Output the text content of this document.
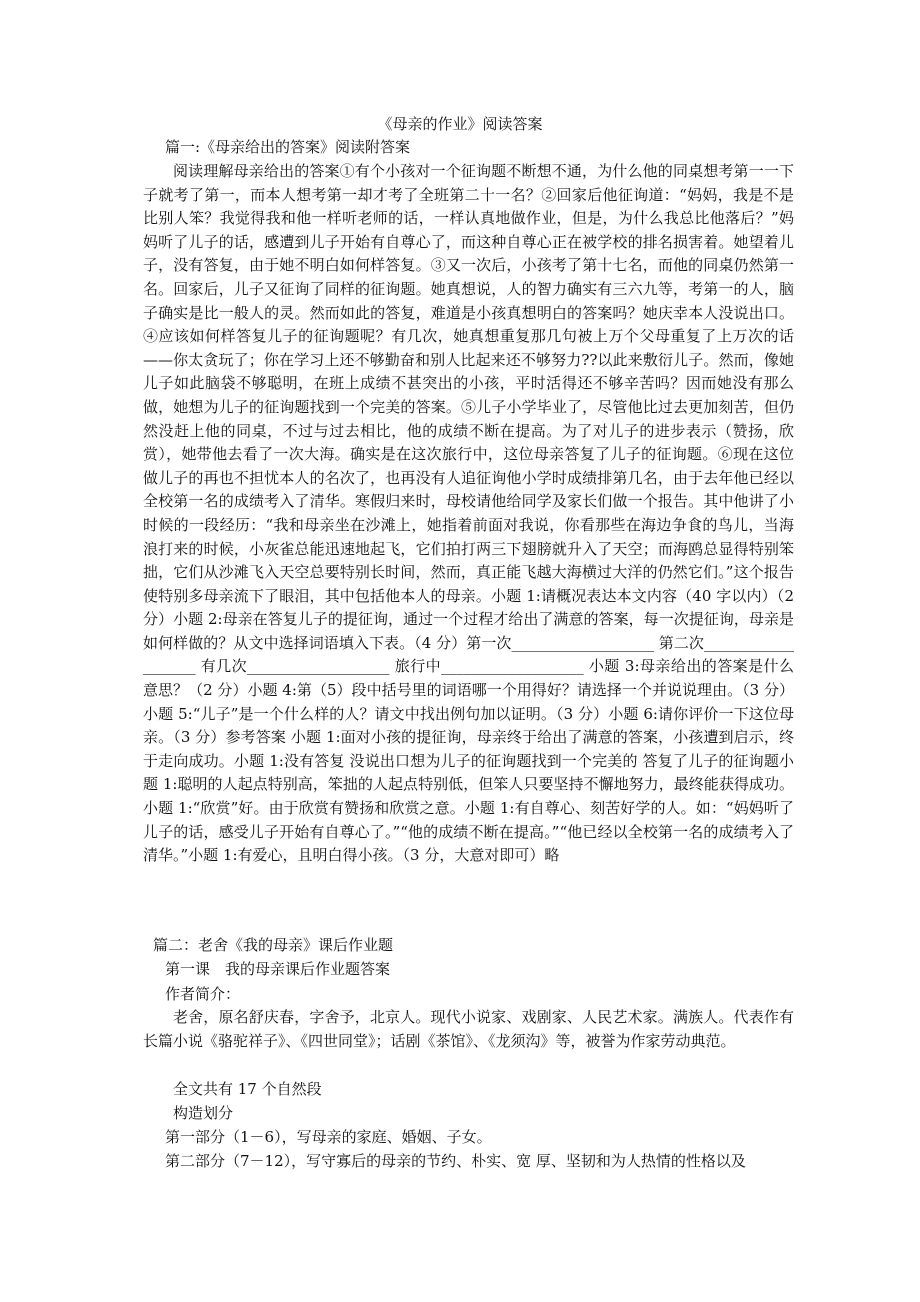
《母亲的作业》阅读答案
篇一:《母亲给出的答案》阅读附答案
阅读理解母亲给出的答案①有个小孩对一个征询题不断想不通，为什么他的同桌想考第一一下子就考了第一，而本人想考第一却才考了全班第二十一名？②回家后他征询道：“妈妈，我是不是比别人笨？我觉得我和他一样听老师的话，一样认真地做作业，但是，为什么我总比他落后？”妈妈听了儿子的话，感遭到儿子开始有自尊心了，而这种自尊心正在被学校的排名损害着。她望着儿子，没有答复，由于她不明白如何样答复。③又一次后，小孩考了第十七名，而他的同桌仍然第一名。回家后，儿子又征询了同样的征询题。她真想说，人的智力确实有三六九等，考第一的人，脑子确实是比一般人的灵。然而如此的答复，难道是小孩真想明白的答案吗？她庆幸本人没说出口。④应该如何样答复儿子的征询题呢？有几次，她真想重复那几句被上万个父母重复了上万次的话——你太贪玩了；你在学习上还不够勤奋和别人比起来还不够努力??以此来敷衍儿子。然而，像她儿子如此脑袋不够聪明，在班上成绩不甚突出的小孩，平时活得还不够辛苦吗？因而她没有那么做，她想为儿子的征询题找到一个完美的答案。⑤儿子小学毕业了，尽管他比过去更加刻苦，但仍然没赶上他的同桌，不过与过去相比，他的成绩不断在提高。为了对儿子的进步表示（赞扬，欣赏），她带他去看了一次大海。确实是在这次旅行中，这位母亲答复了儿子的征询题。⑥现在这位做儿子的再也不担忧本人的名次了，也再没有人追征询他小学时成绩排第几名，由于去年他已经以全校第一名的成绩考入了清华。寒假归来时，母校请他给同学及家长们做一个报告。其中他讲了小时候的一段经历：“我和母亲坐在沙滩上，她指着前面对我说，你看那些在海边争食的鸟儿，当海浪打来的时候，小灰雀总能迅速地起飞，它们拍打两三下翅膀就升入了天空；而海鸥总显得特别笨拙，它们从沙滩飞入天空总要特别长时间，然而，真正能飞越大海横过大洋的仍然它们。”这个报告使特别多母亲流下了眼泪，其中包括他本人的母亲。小题 1:请概况表达本文内容（40 字以内）（2 分）小题 2:母亲在答复儿子的提征询，通过一个过程才给出了满意的答案，每一次提征询，母亲是如何样做的？从文中选择词语填入下表。（4 分）第一次___________________ 第二次___________________ 有几次___________________ 旅行中___________________ 小题 3:母亲给出的答案是什么意思？（2 分）小题 4:第（5）段中括号里的词语哪一个用得好？请选择一个并说说理由。（3 分）小题 5:“儿子”是一个什么样的人？请文中找出例句加以证明。（3 分）小题 6:请你评价一下这位母亲。（3 分）参考答案 小题 1:面对小孩的提征询，母亲终于给出了满意的答案，小孩遭到启示，终于走向成功。小题 1:没有答复 没说出口想为儿子的征询题找到一个完美的 答复了儿子的征询题小题 1:聪明的人起点特别高，笨拙的人起点特别低，但笨人只要坚持不懈地努力，最终能获得成功。小题 1:“欣赏”好。由于欣赏有赞扬和欣赏之意。小题 1:有自尊心、刻苦好学的人。如：“妈妈听了儿子的话，感受儿子开始有自尊心了。”“他的成绩不断在提高。”“他已经以全校第一名的成绩考入了清华。”小题 1:有爱心，且明白得小孩。（3 分，大意对即可）略
篇二：老舍《我的母亲》课后作业题
第一课　我的母亲课后作业题答案
作者简介：
老舍，原名舒庆春，字舍予，北京人。现代小说家、戏剧家、人民艺术家。满族人。代表作有长篇小说《骆驼祥子》、《四世同堂》；话剧《茶馆》、《龙须沟》等，被誉为作家劳动典范。
全文共有 17 个自然段
构造划分
第一部分（1－6），写母亲的家庭、婚姻、子女。
第二部分（7－12），写守寡后的母亲的节约、朴实、宽 厚、坚韧和为人热情的性格以及
